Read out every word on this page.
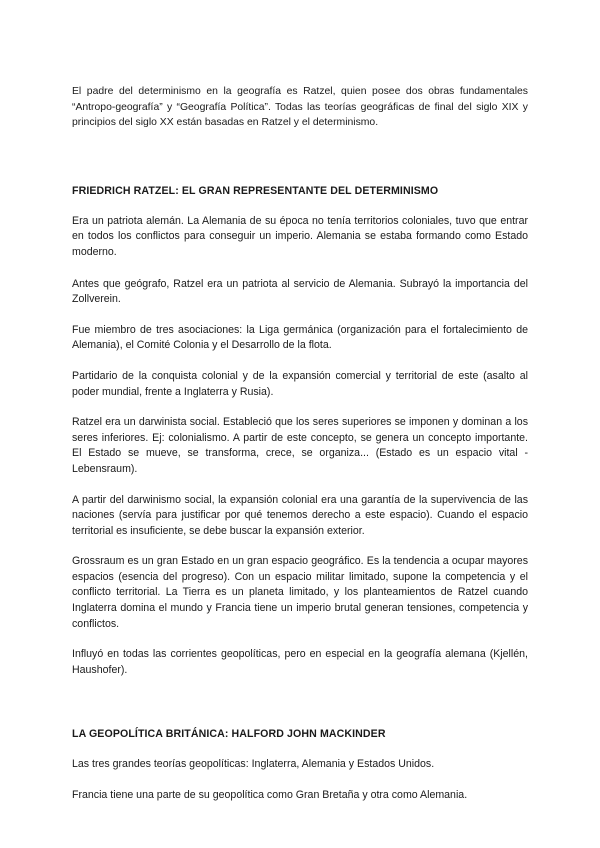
El padre del determinismo en la geografía es Ratzel, quien posee dos obras fundamentales “Antropo-geografía” y “Geografía Política”. Todas las teorías geográficas de final del siglo XIX y principios del siglo XX están basadas en Ratzel y el determinismo.

FRIEDRICH RATZEL: EL GRAN REPRESENTANTE DEL DETERMINISMO

Era un patriota alemán. La Alemania de su época no tenía territorios coloniales, tuvo que entrar en todos los conflictos para conseguir un imperio. Alemania se estaba formando como Estado moderno.

Antes que geógrafo, Ratzel era un patriota al servicio de Alemania. Subrayó la importancia del Zollverein.

Fue miembro de tres asociaciones: la Liga germánica (organización para el fortalecimiento de Alemania), el Comité Colonia y el Desarrollo de la flota.

Partidario de la conquista colonial y de la expansión comercial y territorial de este (asalto al poder mundial, frente a Inglaterra y Rusia).

Ratzel era un darwinista social. Estableció que los seres superiores se imponen y dominan a los seres inferiores. Ej: colonialismo. A partir de este concepto, se genera un concepto importante. El Estado se mueve, se transforma, crece, se organiza... (Estado es un espacio vital - Lebensraum).

A partir del darwinismo social, la expansión colonial era una garantía de la supervivencia de las naciones (servía para justificar por qué tenemos derecho a este espacio). Cuando el espacio territorial es insuficiente, se debe buscar la expansión exterior.

Grossraum es un gran Estado en un gran espacio geográfico. Es la tendencia a ocupar mayores espacios (esencia del progreso). Con un espacio militar limitado, supone la competencia y el conflicto territorial. La Tierra es un planeta limitado, y los planteamientos de Ratzel cuando Inglaterra domina el mundo y Francia tiene un imperio brutal generan tensiones, competencia y conflictos.

Influyó en todas las corrientes geopolíticas, pero en especial en la geografía alemana (Kjellén, Haushofer).

LA GEOPOLÍTICA BRITÁNICA: HALFORD JOHN MACKINDER

Las tres grandes teorías geopolíticas: Inglaterra, Alemania y Estados Unidos.

Francia tiene una parte de su geopolítica como Gran Bretaña y otra como Alemania.
